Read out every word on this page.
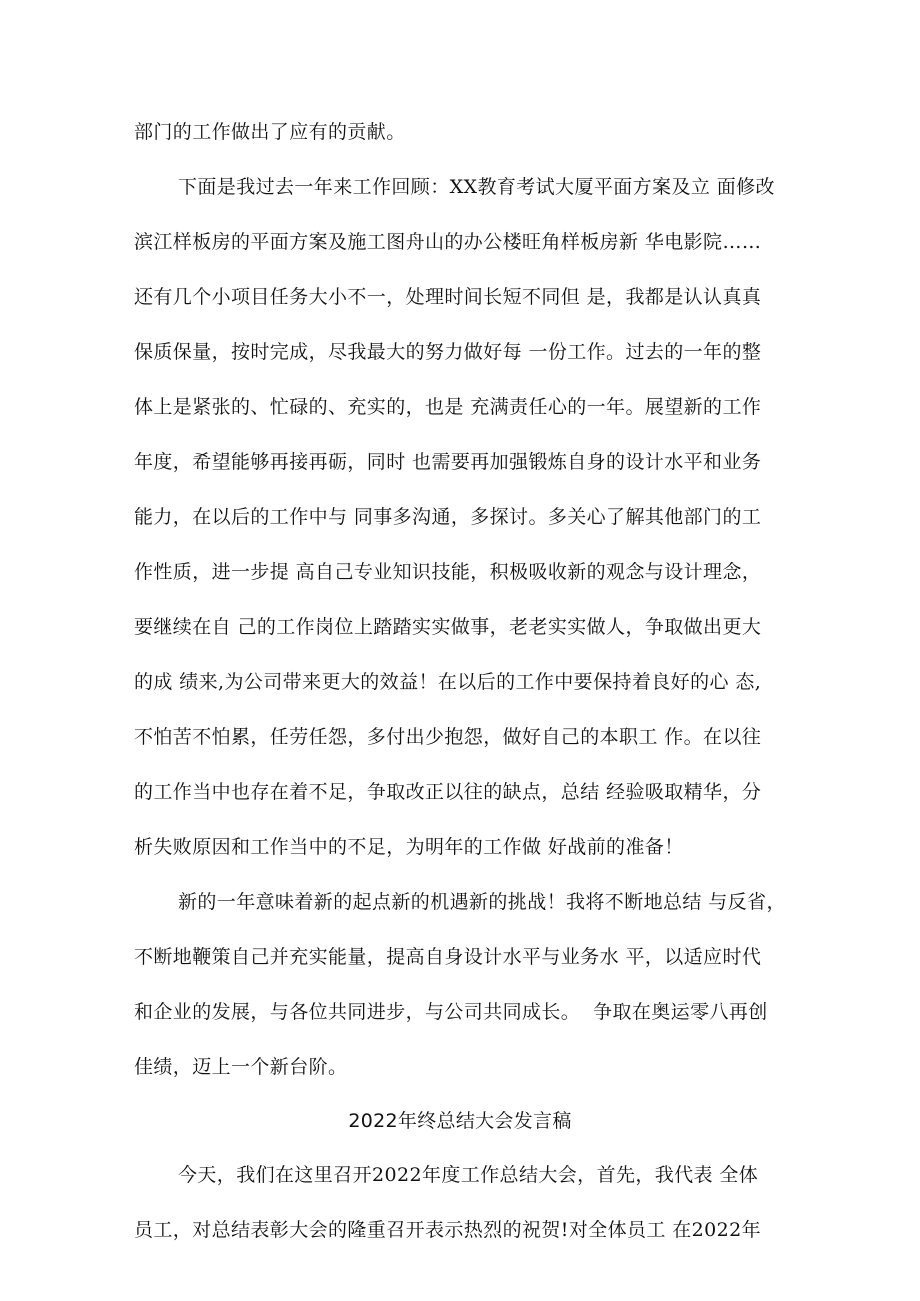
部门的工作做出了应有的贡献。
下面是我过去一年来工作回顾：XX教育考试大厦平面方案及立 面修改
滨江样板房的平面方案及施工图舟山的办公楼旺角样板房新 华电影院……
还有几个小项目任务大小不一，处理时间长短不同但 是，我都是认认真真
保质保量，按时完成，尽我最大的努力做好每 一份工作。过去的一年的整
体上是紧张的、忙碌的、充实的，也是 充满责任心的一年。展望新的工作
年度，希望能够再接再砺，同时 也需要再加强锻炼自身的设计水平和业务
能力，在以后的工作中与 同事多沟通，多探讨。多关心了解其他部门的工
作性质，进一步提 高自己专业知识技能，积极吸收新的观念与设计理念，
要继续在自 己的工作岗位上踏踏实实做事，老老实实做人，争取做出更大
的成 绩来,为公司带来更大的效益！在以后的工作中要保持着良好的心 态,
不怕苦不怕累，任劳任怨，多付出少抱怨，做好自己的本职工 作。在以往
的工作当中也存在着不足，争取改正以往的缺点，总结 经验吸取精华，分
析失败原因和工作当中的不足，为明年的工作做 好战前的准备！
新的一年意味着新的起点新的机遇新的挑战！我将不断地总结 与反省，
不断地鞭策自己并充实能量，提高自身设计水平与业务水 平，以适应时代
和企业的发展，与各位共同进步，与公司共同成长。  争取在奥运零八再创
佳绩，迈上一个新台阶。
2022年终总结大会发言稿
今天，我们在这里召开2022年度工作总结大会，首先，我代表 全体
员工，对总结表彰大会的隆重召开表示热烈的祝贺!对全体员工 在2022年
